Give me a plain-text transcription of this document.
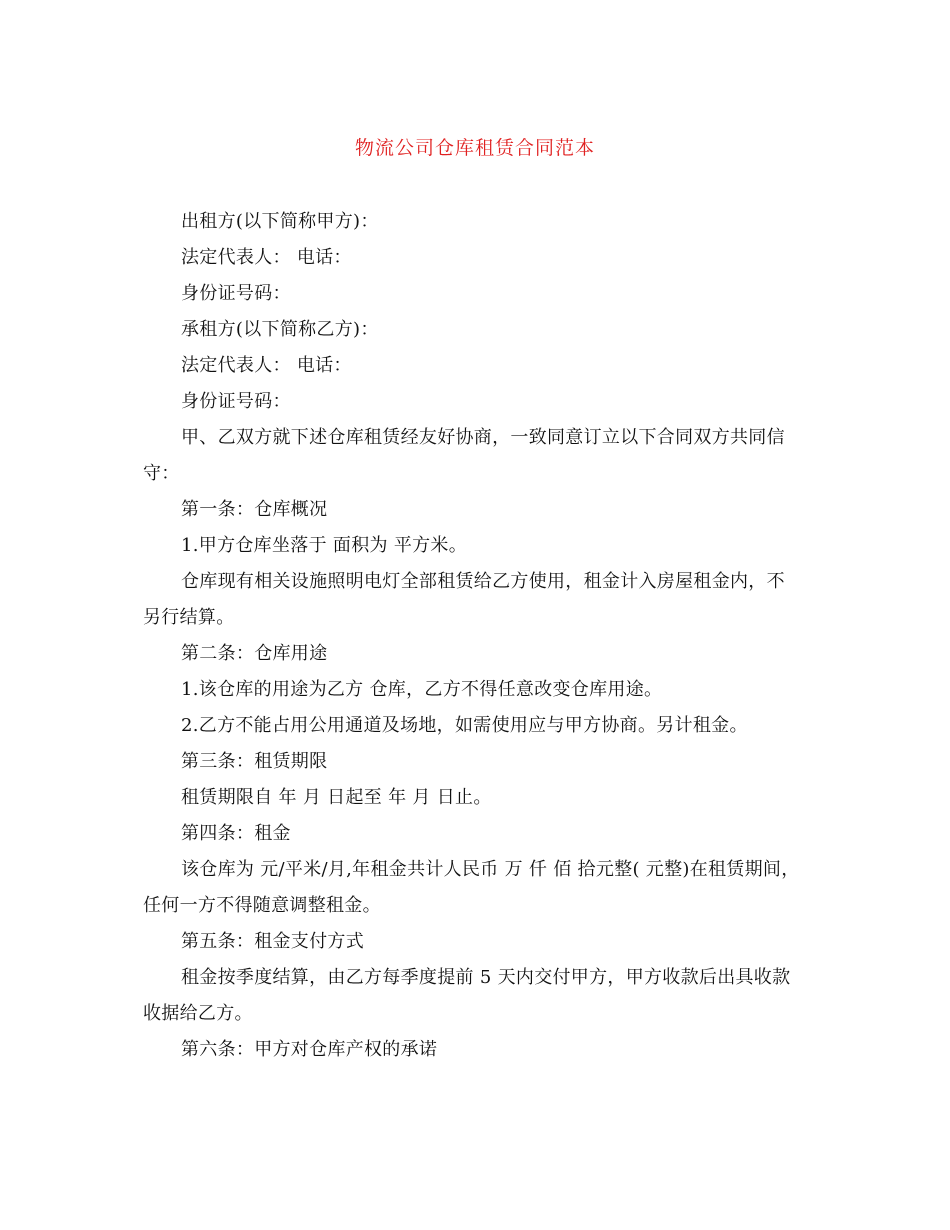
物流公司仓库租赁合同范本

出租方(以下简称甲方)：

法定代表人： 电话：

身份证号码：

承租方(以下简称乙方)：

法定代表人： 电话：

身份证号码：

甲、乙双方就下述仓库租赁经友好协商，一致同意订立以下合同双方共同信守：

第一条：仓库概况

1.甲方仓库坐落于 面积为 平方米。

仓库现有相关设施照明电灯全部租赁给乙方使用，租金计入房屋租金内，不另行结算。

第二条：仓库用途

1.该仓库的用途为乙方 仓库，乙方不得任意改变仓库用途。

2.乙方不能占用公用通道及场地，如需使用应与甲方协商。另计租金。

第三条：租赁期限

租赁期限自 年 月 日起至 年 月 日止。

第四条：租金

该仓库为 元/平米/月,年租金共计人民币 万 仟 佰 拾元整( 元整)在租赁期间，任何一方不得随意调整租金。

第五条：租金支付方式

租金按季度结算，由乙方每季度提前 5 天内交付甲方，甲方收款后出具收款收据给乙方。

第六条：甲方对仓库产权的承诺
